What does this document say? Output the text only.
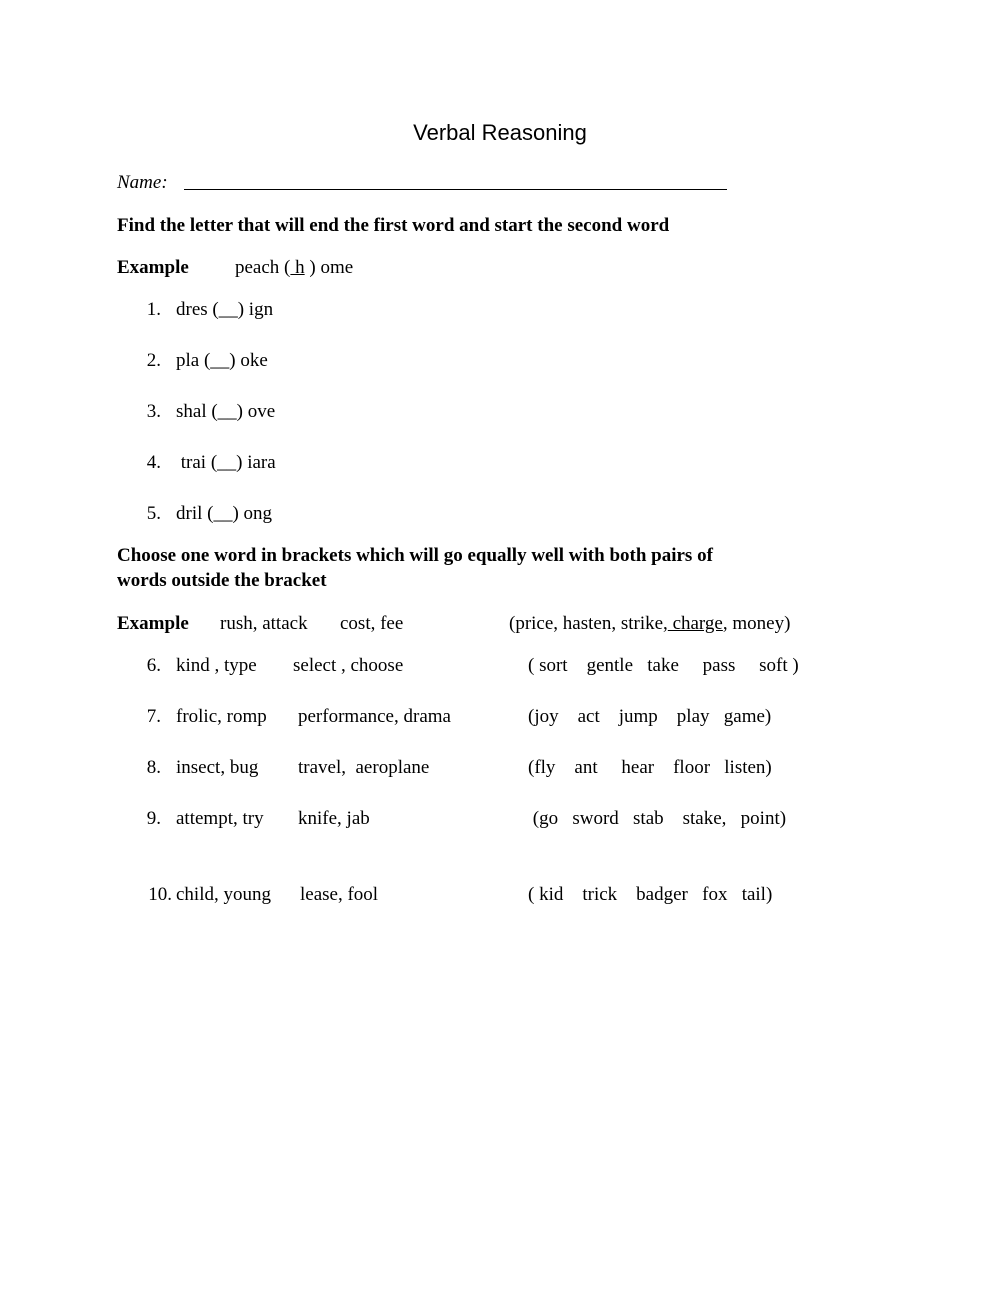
Verbal Reasoning
Name:
Find the letter that will end the first word and start the second word
Example peach ( h ) ome
1. dres (__) ign
2. pla (__) oke
3. shal (__) ove
4. trai (__) iara
5. dril (__) ong
Choose one word in brackets which will go equally well with both pairs of
words outside the bracket
Example rush, attack cost, fee	(price, hasten, strike, charge, money)
6. kind , type select , choose	( sort    gentle   take     pass     soft )
7. frolic, romp performance, drama	(joy    act    jump    play   game)
8. insect, bug travel,  aeroplane	(fly    ant     hear    floor   listen)
9. attempt, try knife, jab	(go   sword   stab    stake,   point)
10. child, young lease, fool	( kid    trick    badger   fox   tail)
